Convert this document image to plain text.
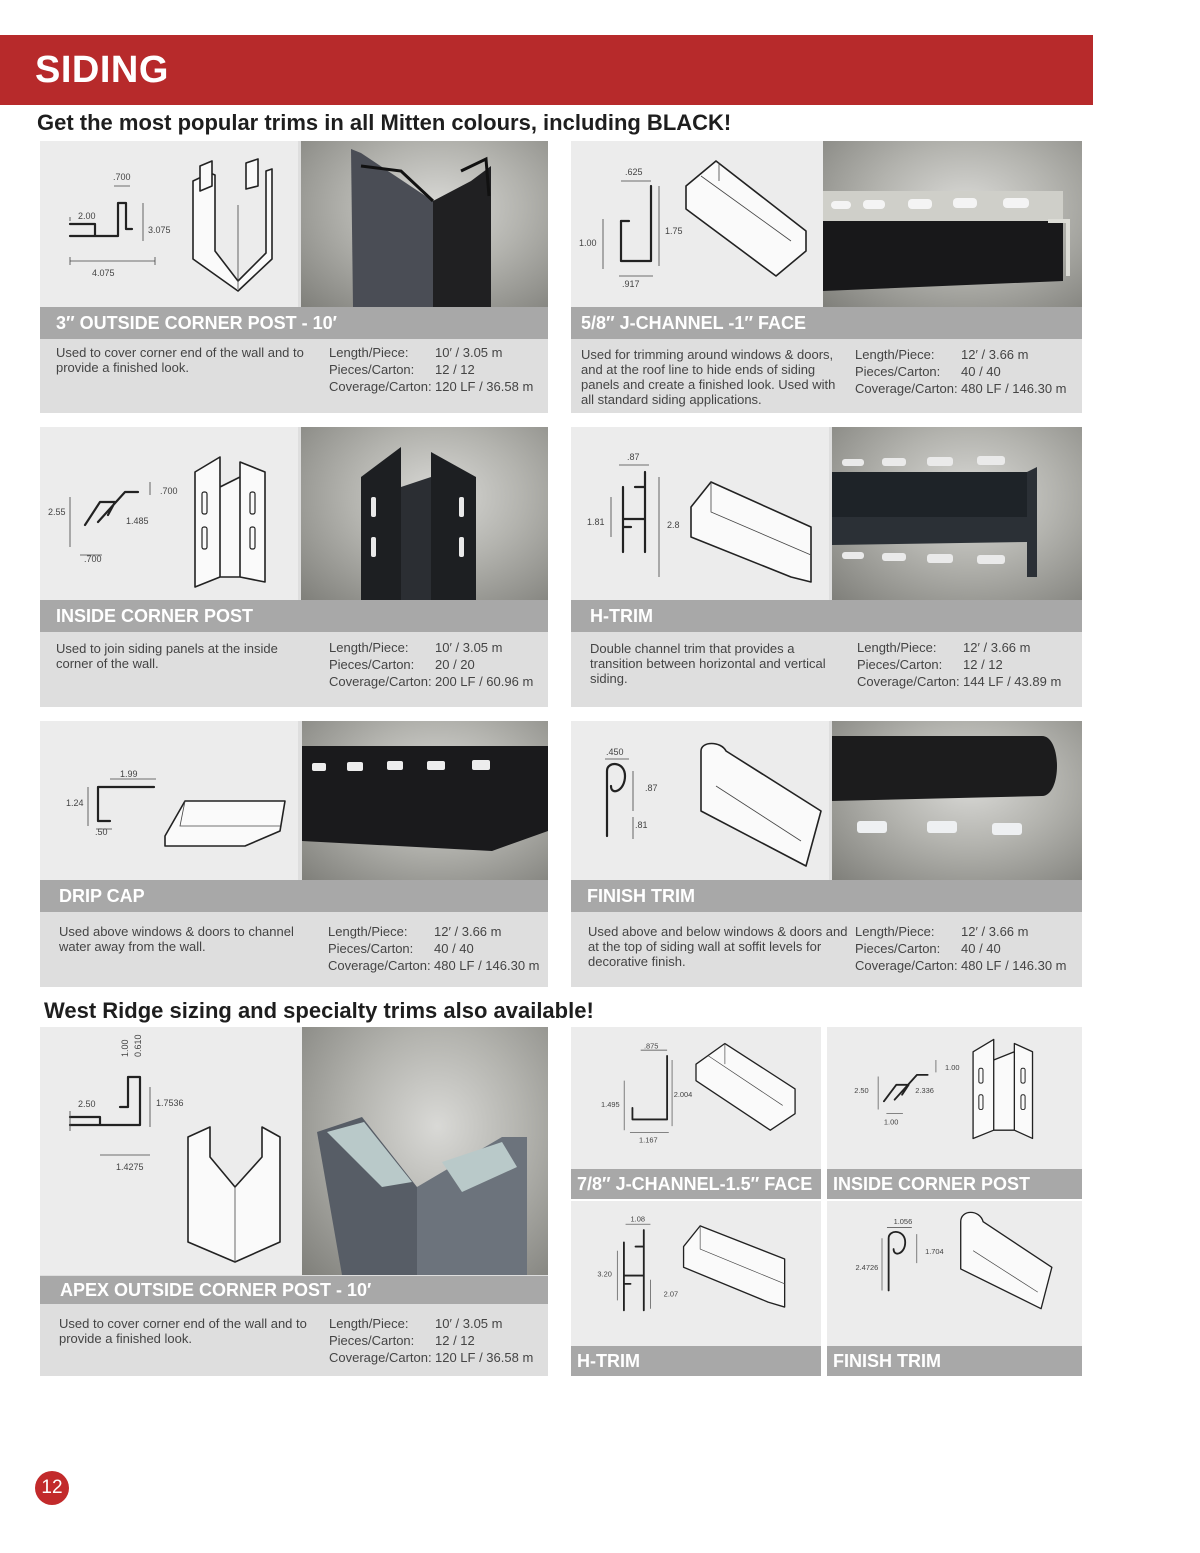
SIDING
Get the most popular trims in all Mitten colours, including BLACK!
.700
2.00
3.075
4.075
3″ OUTSIDE CORNER POST - 10′
Used to cover corner end of the wall and to provide a finished look.
Length/Piece:	10′ / 3.05 m
Pieces/Carton:	12 / 12
Coverage/Carton: 120 LF / 36.58 m
.625
1.00
1.75
.917
5/8″ J-CHANNEL -1″ FACE
Used for trimming around windows & doors, and at the roof line to hide ends of siding panels and create a finished look. Used with all standard siding applications.
Length/Piece:	12′ / 3.66 m
Pieces/Carton:	40 / 40
Coverage/Carton: 480 LF / 146.30 m
.700
2.55
1.485
.700
INSIDE CORNER POST
Used to join siding panels at the inside corner of the wall.
Length/Piece:	10′ / 3.05 m
Pieces/Carton:	20 / 20
Coverage/Carton: 200 LF / 60.96 m
.87
1.81	2.8
H-TRIM
Double channel trim that provides a transition between horizontal and vertical siding.
Length/Piece:	12′ / 3.66 m
Pieces/Carton:	12 / 12
Coverage/Carton: 144 LF / 43.89 m
1.99
1.24
.50
DRIP CAP
Used above windows & doors to channel water away from the wall.
Length/Piece:	12′ / 3.66 m
Pieces/Carton:	40 / 40
Coverage/Carton: 480 LF / 146.30 m
.450
.87
.81
FINISH TRIM
Used above and below windows & doors and at the top of siding wall at soffit levels for decorative finish.
Length/Piece:	12′ / 3.66 m
Pieces/Carton:	40 / 40
Coverage/Carton: 480 LF / 146.30 m
West Ridge sizing and specialty trims also available!
1.00 0.610
2.50	1.7536
1.4275
APEX OUTSIDE CORNER POST - 10′
Used to cover corner end of the wall and to provide a finished look.
Length/Piece:	10′ / 3.05 m
Pieces/Carton:	12 / 12
Coverage/Carton: 120 LF / 36.58 m
.875
1.495
2.004
1.167
7/8″ J-CHANNEL-1.5″ FACE
1.00
2.50	2.336
1.00
INSIDE CORNER POST
1.08
3.20
2.07
H-TRIM
1.056
2.4726
1.704
FINISH TRIM
12
